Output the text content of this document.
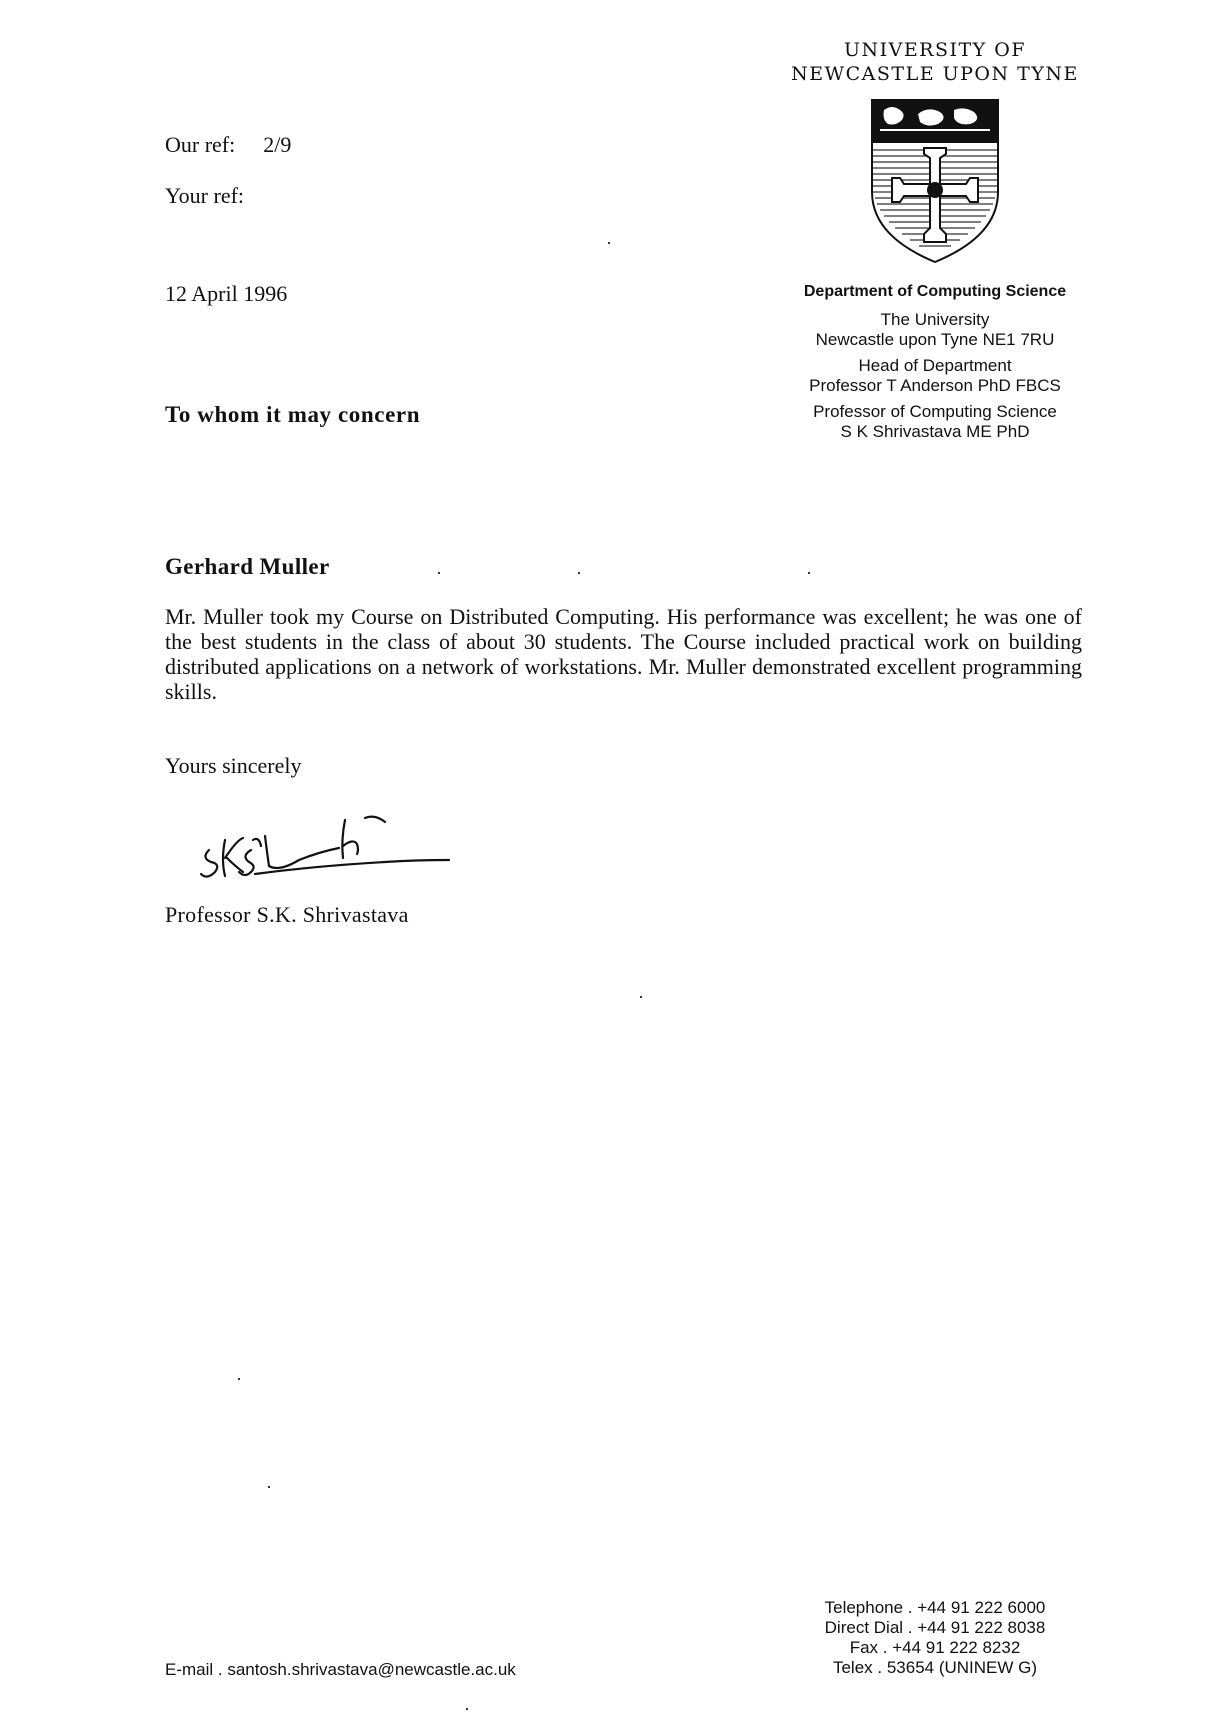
UNIVERSITY OF
NEWCASTLE UPON TYNE
Department of Computing Science
The University
Newcastle upon Tyne NE1 7RU
Head of Department
Professor T Anderson PhD FBCS
Professor of Computing Science
S K Shrivastava ME PhD
Our ref: 2/9
Your ref:
12 April 1996
To whom it may concern
Gerhard Muller
Mr. Muller took my Course on Distributed Computing. His performance was excellent; he was one of the best students in the class of about 30 students. The Course included practical work on building distributed applications on a network of workstations. Mr. Muller demonstrated excellent programming skills.
Yours sincerely
Professor S.K. Shrivastava
Telephone . +44 91 222 6000
Direct Dial . +44 91 222 8038
Fax . +44 91 222 8232
Telex . 53654 (UNINEW G)
E-mail . santosh.shrivastava@newcastle.ac.uk
